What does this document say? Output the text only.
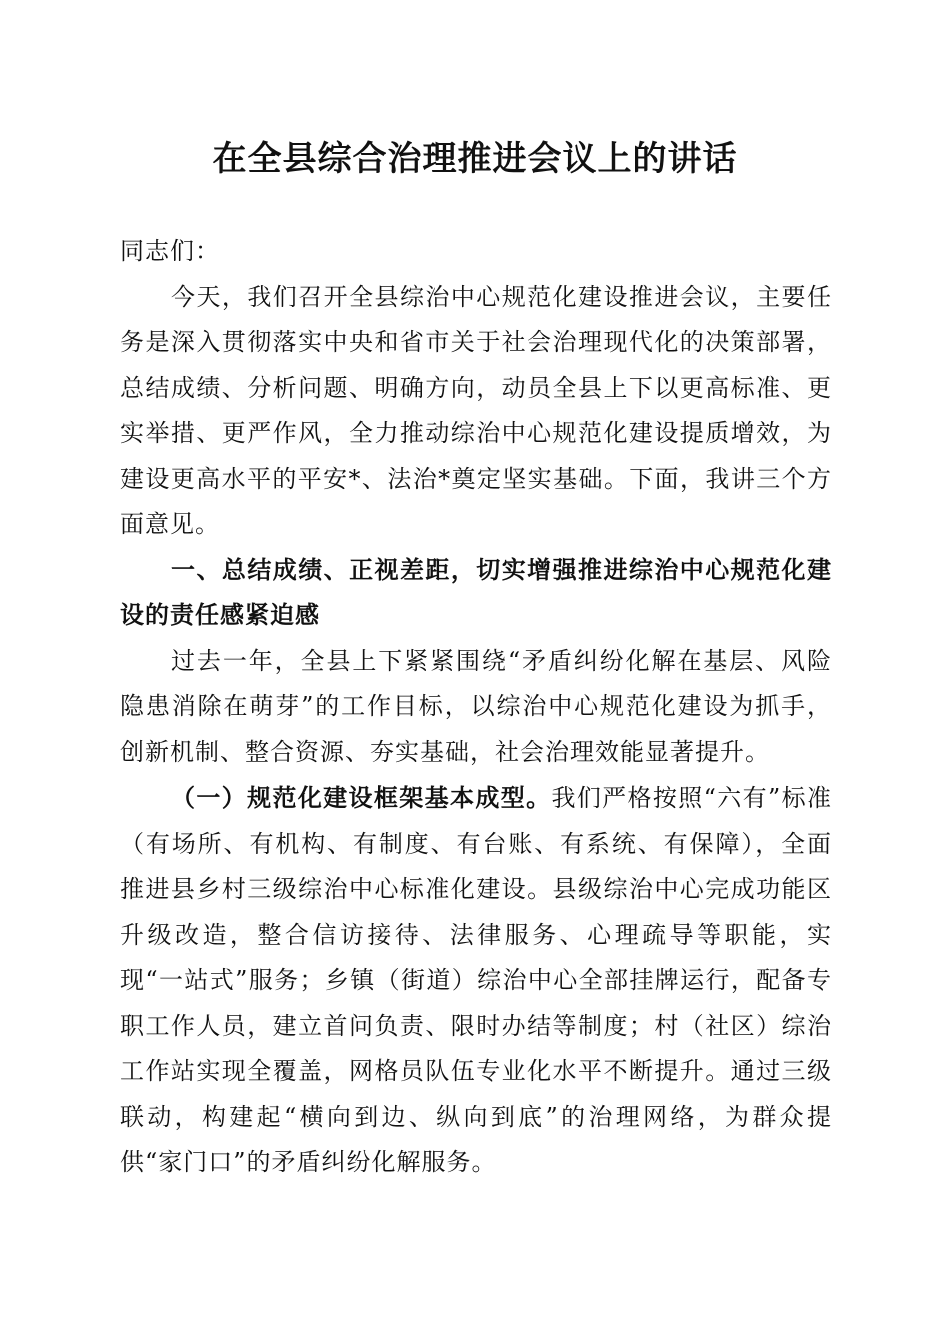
在全县综合治理推进会议上的讲话

同志们：

今天，我们召开全县综治中心规范化建设推进会议，主要任务是深入贯彻落实中央和省市关于社会治理现代化的决策部署，总结成绩、分析问题、明确方向，动员全县上下以更高标准、更实举措、更严作风，全力推动综治中心规范化建设提质增效，为建设更高水平的平安*、法治*奠定坚实基础。下面，我讲三个方面意见。

一、总结成绩、正视差距，切实增强推进综治中心规范化建设的责任感紧迫感

过去一年，全县上下紧紧围绕“矛盾纠纷化解在基层、风险隐患消除在萌芽”的工作目标，以综治中心规范化建设为抓手，创新机制、整合资源、夯实基础，社会治理效能显著提升。

（一）规范化建设框架基本成型。我们严格按照“六有”标准（有场所、有机构、有制度、有台账、有系统、有保障），全面推进县乡村三级综治中心标准化建设。县级综治中心完成功能区升级改造，整合信访接待、法律服务、心理疏导等职能，实现“一站式”服务；乡镇（街道）综治中心全部挂牌运行，配备专职工作人员，建立首问负责、限时办结等制度；村（社区）综治工作站实现全覆盖，网格员队伍专业化水平不断提升。通过三级联动，构建起“横向到边、纵向到底”的治理网络，为群众提供“家门口”的矛盾纠纷化解服务。
